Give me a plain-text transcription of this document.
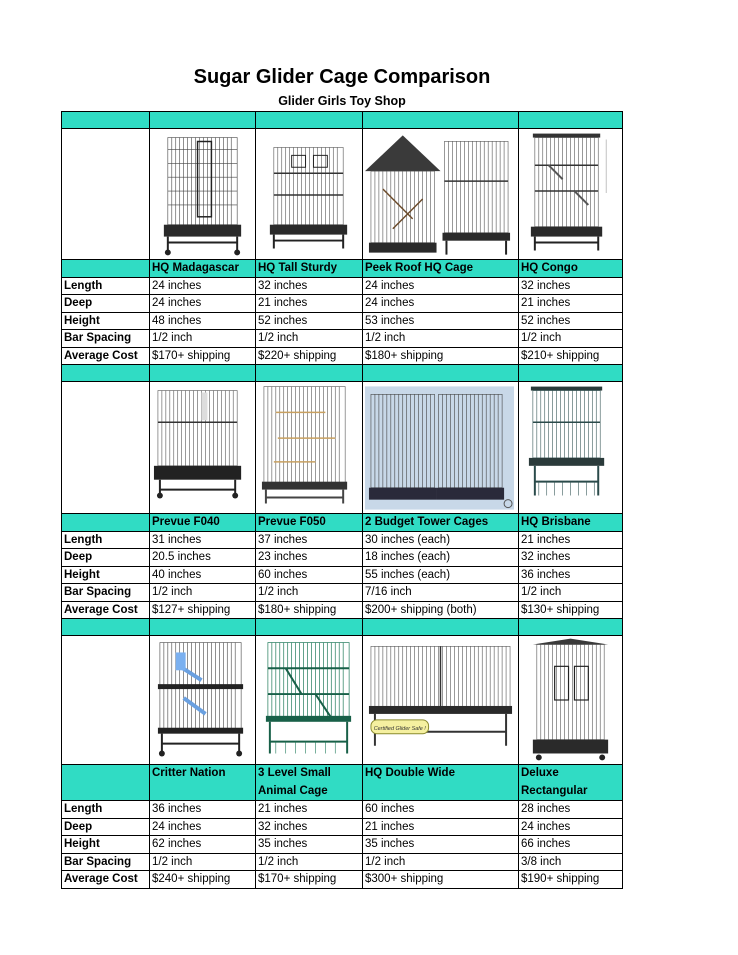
Sugar Glider Cage Comparison
Glider Girls Toy Shop

	HQ Madagascar	HQ Tall Sturdy	Peek Roof HQ Cage	HQ Congo
Length	24 inches	32 inches	24 inches	32 inches
Deep	24 inches	21 inches	24 inches	21 inches
Height	48 inches	52 inches	53 inches	52 inches
Bar Spacing	1/2 inch	1/2 inch	1/2 inch	1/2 inch
Average Cost	$170+ shipping	$220+ shipping	$180+ shipping	$210+ shipping

	Prevue F040	Prevue F050	2 Budget Tower Cages	HQ Brisbane
Length	31 inches	37 inches	30 inches (each)	21 inches
Deep	20.5 inches	23 inches	18 inches (each)	32 inches
Height	40 inches	60 inches	55 inches (each)	36 inches
Bar Spacing	1/2 inch	1/2 inch	7/16 inch	1/2 inch
Average Cost	$127+ shipping	$180+ shipping	$200+ shipping (both)	$130+ shipping

Certified Glider Safe !

	Critter Nation	3 Level Small Animal Cage	HQ Double Wide	Deluxe Rectangular
Length	36 inches	21 inches	60 inches	28 inches
Deep	24 inches	32 inches	21 inches	24 inches
Height	62 inches	35 inches	35 inches	66 inches
Bar Spacing	1/2 inch	1/2 inch	1/2 inch	3/8 inch
Average Cost	$240+ shipping	$170+ shipping	$300+ shipping	$190+ shipping
